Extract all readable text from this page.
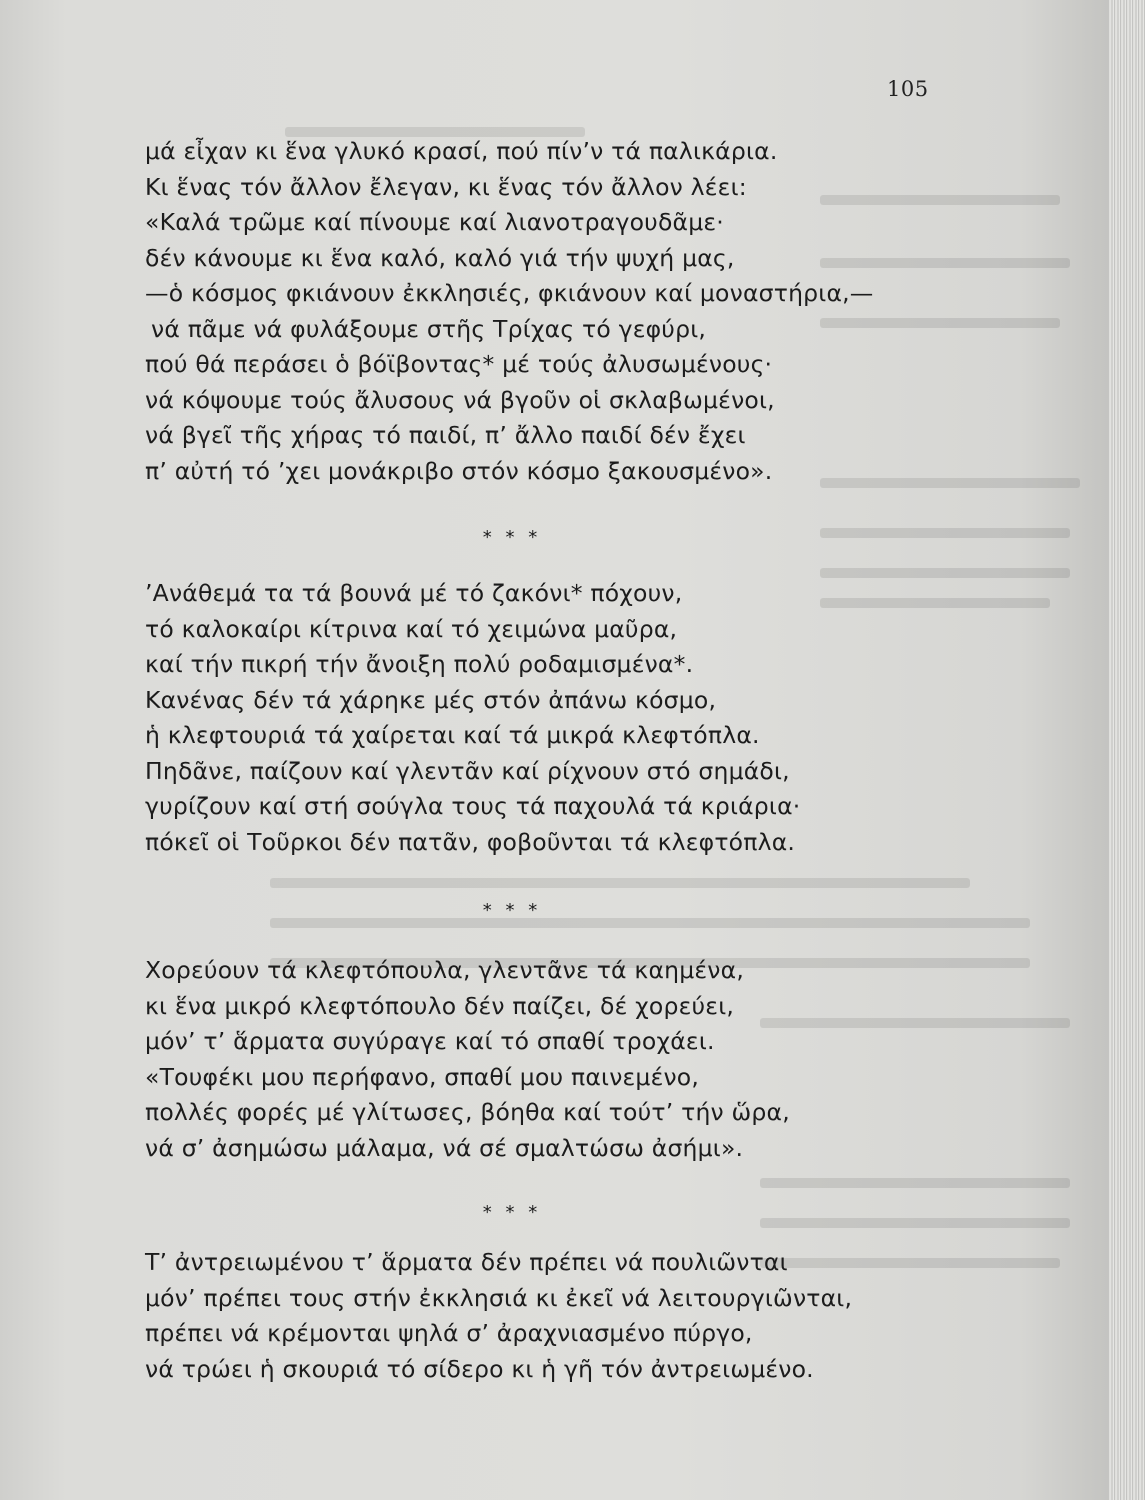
105
μά εἶχαν κι ἕνα γλυκό κρασί, πού πίν’ν τά παλικάρια.
Κι ἕνας τόν ἄλλον ἔλεγαν, κι ἕνας τόν ἄλλον λέει:
«Καλά τρῶμε καί πίνουμε καί λιανοτραγουδᾶμε·
δέν κάνουμε κι ἕνα καλό, καλό γιά τήν ψυχή μας,
—ὁ κόσμος φκιάνουν ἐκκλησιές, φκιάνουν καί μοναστήρια,—
νά πᾶμε νά φυλάξουμε στῆς Τρίχας τό γεφύρι,
πού θά περάσει ὁ βόϊβοντας* μέ τούς ἀλυσωμένους·
νά κόψουμε τούς ἄλυσους νά βγοῦν οἱ σκλαβωμένοι,
νά βγεῖ τῆς χήρας τό παιδί, π’ ἄλλο παιδί δέν ἔχει
π’ αὐτή τό ’χει μονάκριβο στόν κόσμο ξακουσμένο».
* * *
’Ανάθεμά τα τά βουνά μέ τό ζακόνι* πόχουν,
τό καλοκαίρι κίτρινα καί τό χειμώνα μαῦρα,
καί τήν πικρή τήν ἄνοιξη πολύ ροδαμισμένα*.
Κανένας δέν τά χάρηκε μές στόν ἀπάνω κόσμο,
ἡ κλεφτουριά τά χαίρεται καί τά μικρά κλεφτόπλα.
Πηδᾶνε, παίζουν καί γλεντᾶν καί ρίχνουν στό σημάδι,
γυρίζουν καί στή σούγλα τους τά παχουλά τά κριάρια·
πόκεῖ οἱ Τοῦρκοι δέν πατᾶν, φοβοῦνται τά κλεφτόπλα.
* * *
Χορεύουν τά κλεφτόπουλα, γλεντᾶνε τά καημένα,
κι ἕνα μικρό κλεφτόπουλο δέν παίζει, δέ χορεύει,
μόν’ τ’ ἅρματα συγύραγε καί τό σπαθί τροχάει.
«Τουφέκι μου περήφανο, σπαθί μου παινεμένο,
πολλές φορές μέ γλίτωσες, βόηθα καί τούτ’ τήν ὥρα,
νά σ’ ἀσημώσω μάλαμα, νά σέ σμαλτώσω ἀσήμι».
* * *
Τ’ ἀντρειωμένου τ’ ἅρματα δέν πρέπει νά πουλιῶνται
μόν’ πρέπει τους στήν ἐκκλησιά κι ἐκεῖ νά λειτουργιῶνται,
πρέπει νά κρέμονται ψηλά σ’ ἀραχνιασμένο πύργο,
νά τρώει ἡ σκουριά τό σίδερο κι ἡ γῆ τόν ἀντρειωμένο.
